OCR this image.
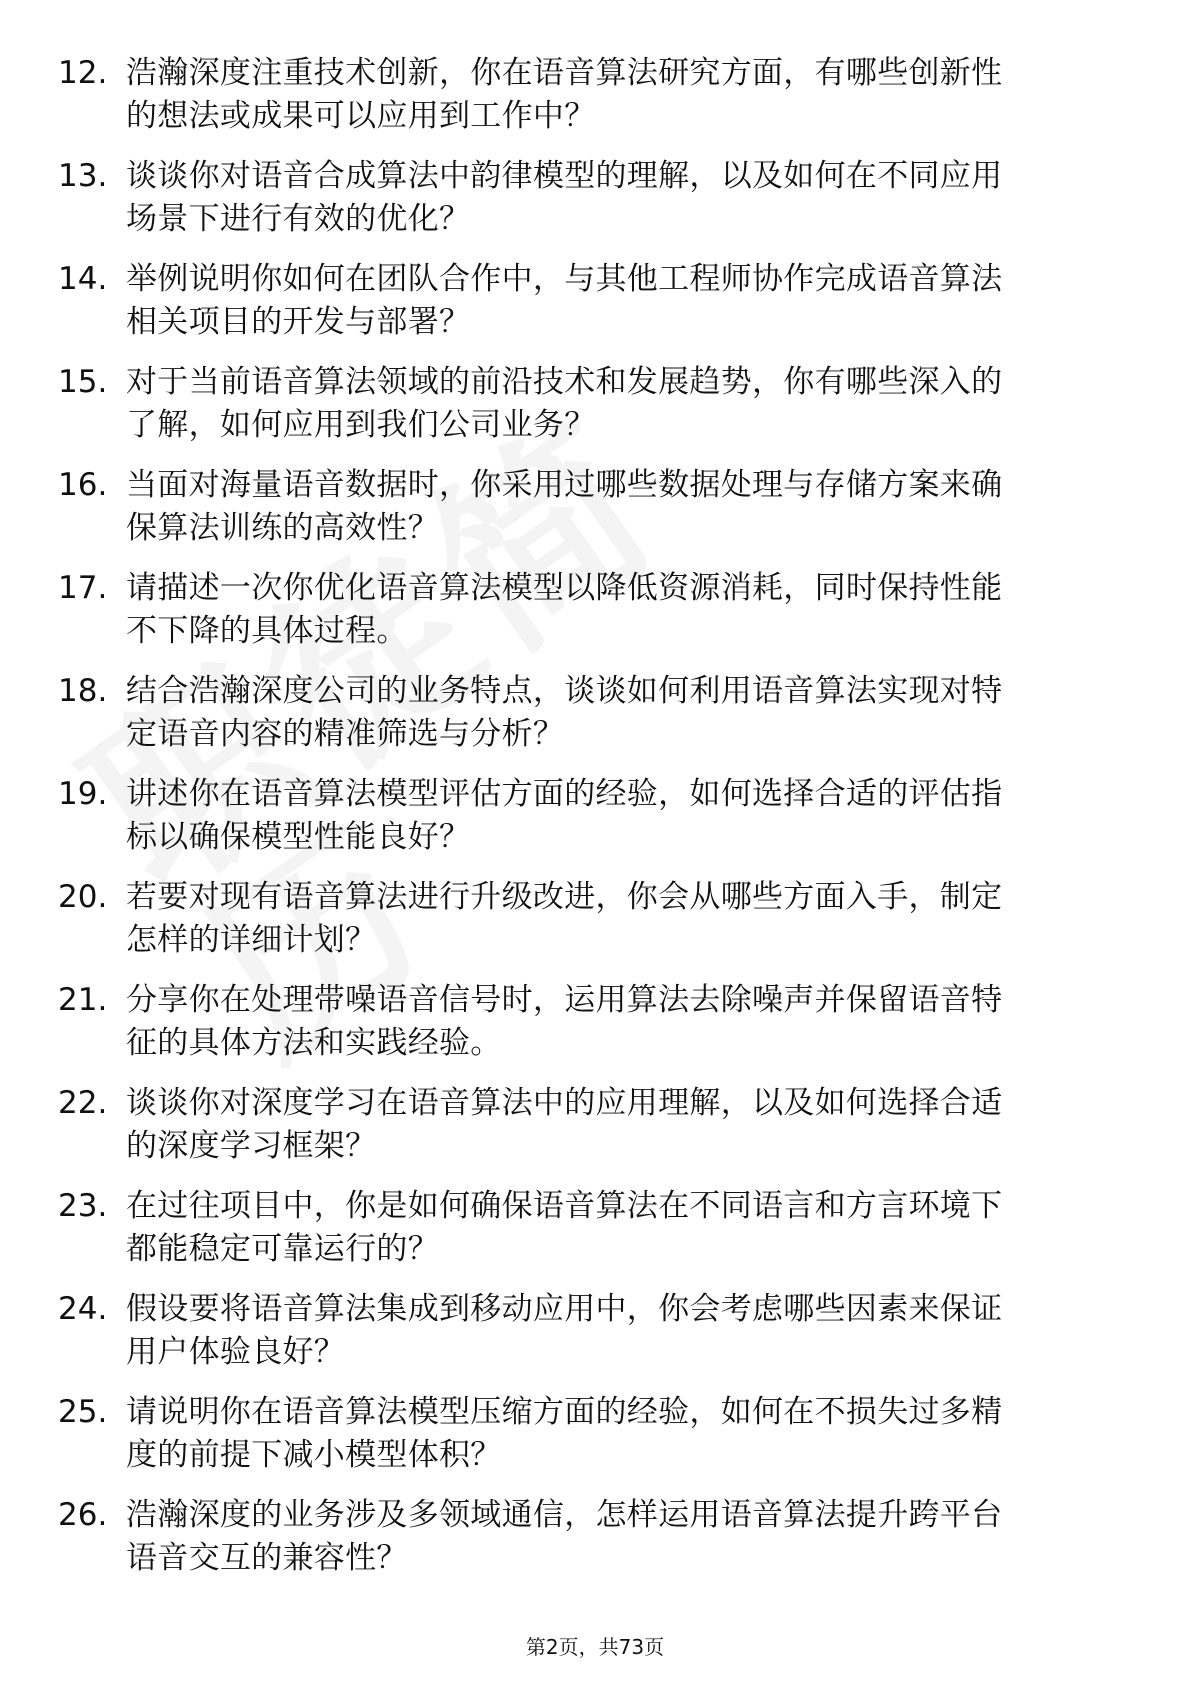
12. 浩瀚深度注重技术创新，你在语音算法研究方面，有哪些创新性
的想法或成果可以应用到工作中？
13. 谈谈你对语音合成算法中韵律模型的理解，以及如何在不同应用
场景下进行有效的优化？
14. 举例说明你如何在团队合作中，与其他工程师协作完成语音算法
相关项目的开发与部署？
15. 对于当前语音算法领域的前沿技术和发展趋势，你有哪些深入的
了解，如何应用到我们公司业务？
16. 当面对海量语音数据时，你采用过哪些数据处理与存储方案来确
保算法训练的高效性？
17. 请描述一次你优化语音算法模型以降低资源消耗，同时保持性能
不下降的具体过程。
18. 结合浩瀚深度公司的业务特点，谈谈如何利用语音算法实现对特
定语音内容的精准筛选与分析？
19. 讲述你在语音算法模型评估方面的经验，如何选择合适的评估指
标以确保模型性能良好？
20. 若要对现有语音算法进行升级改进，你会从哪些方面入手，制定
怎样的详细计划？
21. 分享你在处理带噪语音信号时，运用算法去除噪声并保留语音特
征的具体方法和实践经验。
22. 谈谈你对深度学习在语音算法中的应用理解，以及如何选择合适
的深度学习框架？
23. 在过往项目中，你是如何确保语音算法在不同语言和方言环境下
都能稳定可靠运行的？
24. 假设要将语音算法集成到移动应用中，你会考虑哪些因素来保证
用户体验良好？
25. 请说明你在语音算法模型压缩方面的经验，如何在不损失过多精
度的前提下减小模型体积？
26. 浩瀚深度的业务涉及多领域通信，怎样运用语音算法提升跨平台
语音交互的兼容性？
第2页，共73页
